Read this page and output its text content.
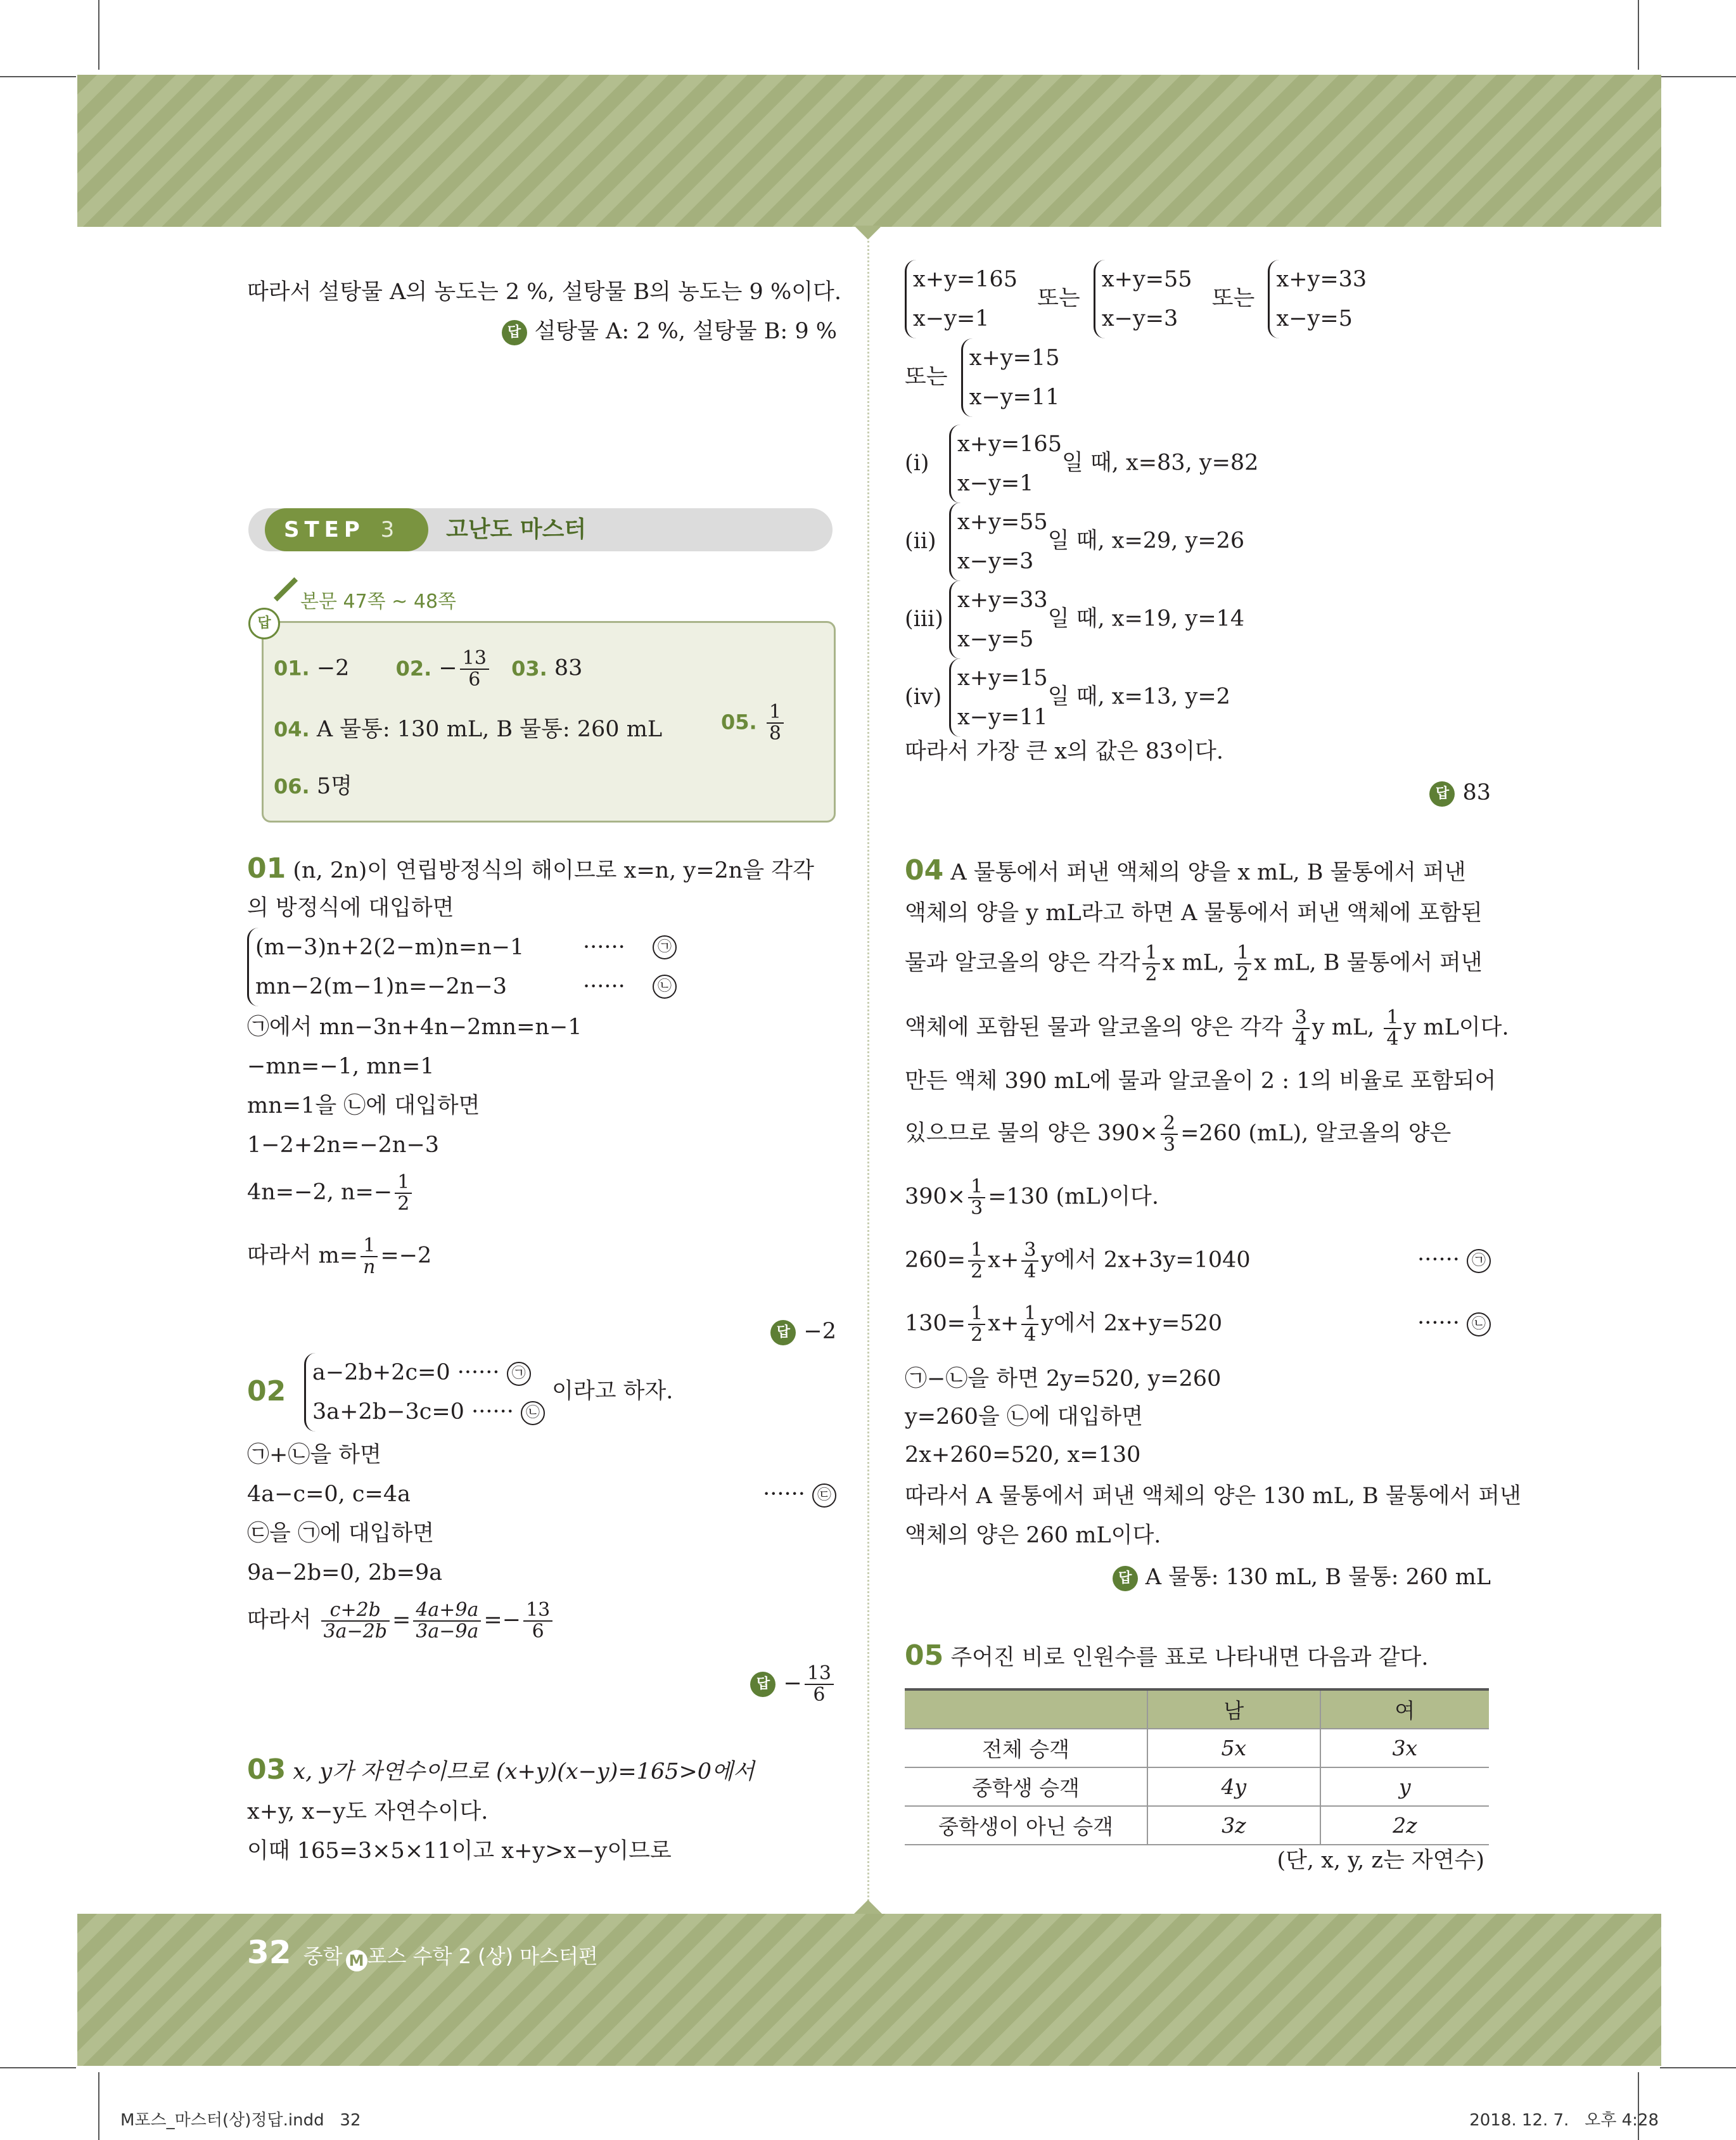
따라서 설탕물 A의 농도는 2 %, 설탕물 B의 농도는 9 %이다.
답 설탕물 A: 2 %, 설탕물 B: 9 %
STEP 3	고난도 마스터
본문 47쪽 ~ 48쪽
답
01. −2 02. − $\frac{13}{6} 03$. 83
04. A 물통: 130 mL, B 물통: 260 mL	05. $\frac{1}{8}$
06. 5명
01 (n, 2n)이 연립방정식의 해이므로 x=n, y=2n을 각각
의 방정식에 대입하면
(m−3)n+2(2−m)n=n−1	······	㉠
mn−2(m−1)n=−2n−3	······	㉡
㉠에서 mn−3n+4n−2mn=n−1
−mn=−1, mn=1
mn=1을 ㉡에 대입하면
1−2+2n=−2n−3
4n=−2, $n=- \frac{1}{2}$
따라서 $m= \frac{1}{n} =-2$
답 −2
02
a−2b+2c=0 ······ ㉠
3a+2b−3c=0 ······ ㉡
이라고 하자.
㉠+㉡을 하면
4a−c=0, c=4a	······ ㉢
㉢을 ㉠에 대입하면
9a−2b=0, 2b=9a
따라서 $\frac{c+2b}{3a-2b} = \frac{4a+9a}{3a-9a} =- \frac{13}{6}$
답 − $\frac{13}{6}$
03 x, y가 자연수이므로 (x+y)(x−y)=165>0에서
x+y, x−y도 자연수이다.
이때 165=3×5×11이고 x+y>x−y이므로
x+y=165
x−y=1
또는
x+y=55
x−y=3
또는
x+y=33
x−y=5
또는
x+y=15
x−y=11
(ⅰ)
x+y=165
x−y=1
일 때, x=83, y=82
(ⅱ)
x+y=55
x−y=3
일 때, x=29, y=26
(ⅲ)
x+y=33
x−y=5
일 때, x=19, y=14
(ⅳ)
x+y=15
x−y=11
일 때, x=13, y=2
따라서 가장 큰 x의 값은 83이다.
답 83
04 A 물통에서 퍼낸 액체의 양을 x mL, B 물통에서 퍼낸
액체의 양을 y mL라고 하면 A 물통에서 퍼낸 액체에 포함된
물과 알코올의 양은 각각 $\frac{1}{2}$ x mL, $\frac{1}{2}$ x mL, B 물통에서 퍼낸
액체에 포함된 물과 알코올의 양은 각각 $\frac{3}{4}$ y mL, $\frac{1}{4}$ y mL이다.
만든 액체 390 mL에 물과 알코올이 2 : 1의 비율로 포함되어
있으므로 물의 양은 $390\times \frac{2}{3} =260$ (mL), 알코올의 양은
$390\times \frac{1}{3} =130$ (mL)이다.
$260= \frac{1}{2} x+ \frac{3}{4}$ y에서 2x+3y=1040	······ ㉠
$130= \frac{1}{2} x+ \frac{1}{4}$ y에서 2x+y=520	······ ㉡
㉠−㉡을 하면 2y=520, y=260
y=260을 ㉡에 대입하면
2x+260=520, x=130
따라서 A 물통에서 퍼낸 액체의 양은 130 mL, B 물통에서 퍼낸
액체의 양은 260 mL이다.
답 A 물통: 130 mL, B 물통: 260 mL
05 주어진 비로 인원수를 표로 나타내면 다음과 같다.
(단, x, y, z는 자연수)
	남	여
전체 승객	5x	3x
중학생 승객	4y	y
중학생이 아닌 승객	3z	2z
32 중학 M 포스 수학 2 (상) 마스터편
M포스_마스터(상)정답.indd   32	2018. 12. 7.   오후 4:28
